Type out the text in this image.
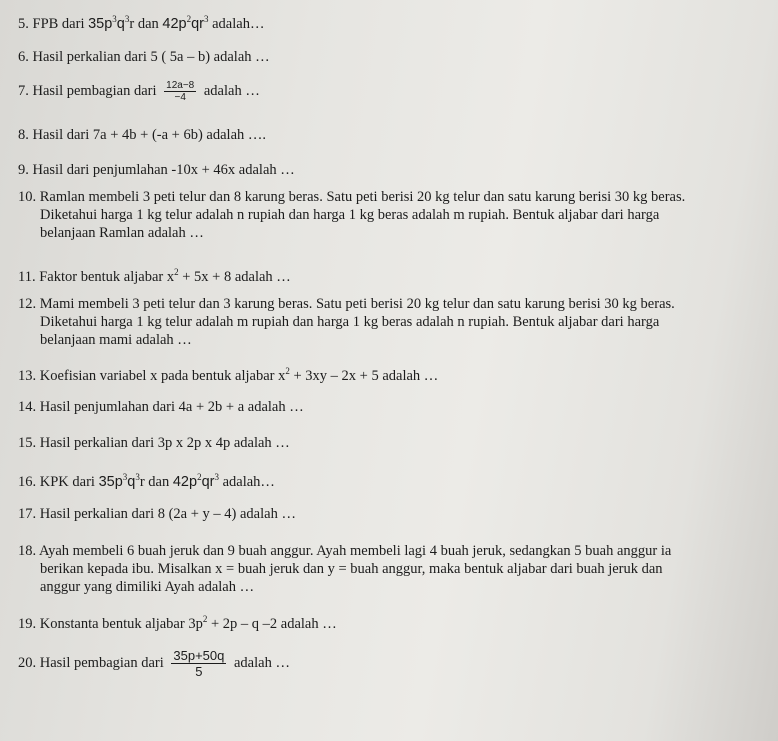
5. FPB dari $35p^3q^3r$ dan $42p^2qr^3$ adalah…
6. Hasil perkalian dari 5 ( 5a – b) adalah …
7. Hasil pembagian dari $\frac{12a-8}{-4}$ adalah …
8. Hasil dari 7a + 4b + (-a + 6b) adalah ….
9. Hasil dari penjumlahan -10x + 46x adalah …
10. Ramlan membeli 3 peti telur dan 8 karung beras. Satu peti berisi 20 kg telur dan satu karung berisi 30 kg beras.
Diketahui harga 1 kg telur adalah n rupiah dan harga 1 kg beras adalah m rupiah. Bentuk aljabar dari harga
belanjaan Ramlan adalah …
11. Faktor bentuk aljabar $x^2 + 5x + 8$ adalah …
12. Mami membeli 3 peti telur dan 3 karung beras. Satu peti berisi 20 kg telur dan satu karung berisi 30 kg beras.
Diketahui harga 1 kg telur adalah m rupiah dan harga 1 kg beras adalah n rupiah. Bentuk aljabar dari harga
belanjaan mami adalah …
13. Koefisian variabel x pada bentuk aljabar $x^2 + 3xy - 2x + 5$ adalah …
14. Hasil penjumlahan dari 4a + 2b + a adalah …
15. Hasil perkalian dari 3p x 2p x 4p adalah …
16. KPK dari $35p^3q^3r$ dan $42p^2qr^3$ adalah…
17. Hasil perkalian dari 8 (2a + y – 4) adalah …
18. Ayah membeli 6 buah jeruk dan 9 buah anggur. Ayah membeli lagi 4 buah jeruk, sedangkan 5 buah anggur ia
berikan kepada ibu. Misalkan x = buah jeruk dan y = buah anggur, maka bentuk aljabar dari buah jeruk dan
anggur yang dimiliki Ayah adalah …
19. Konstanta bentuk aljabar $3p^2 + 2p - q$ –2 adalah …
20. Hasil pembagian dari $\frac{35p+50q}{5}$ adalah …
